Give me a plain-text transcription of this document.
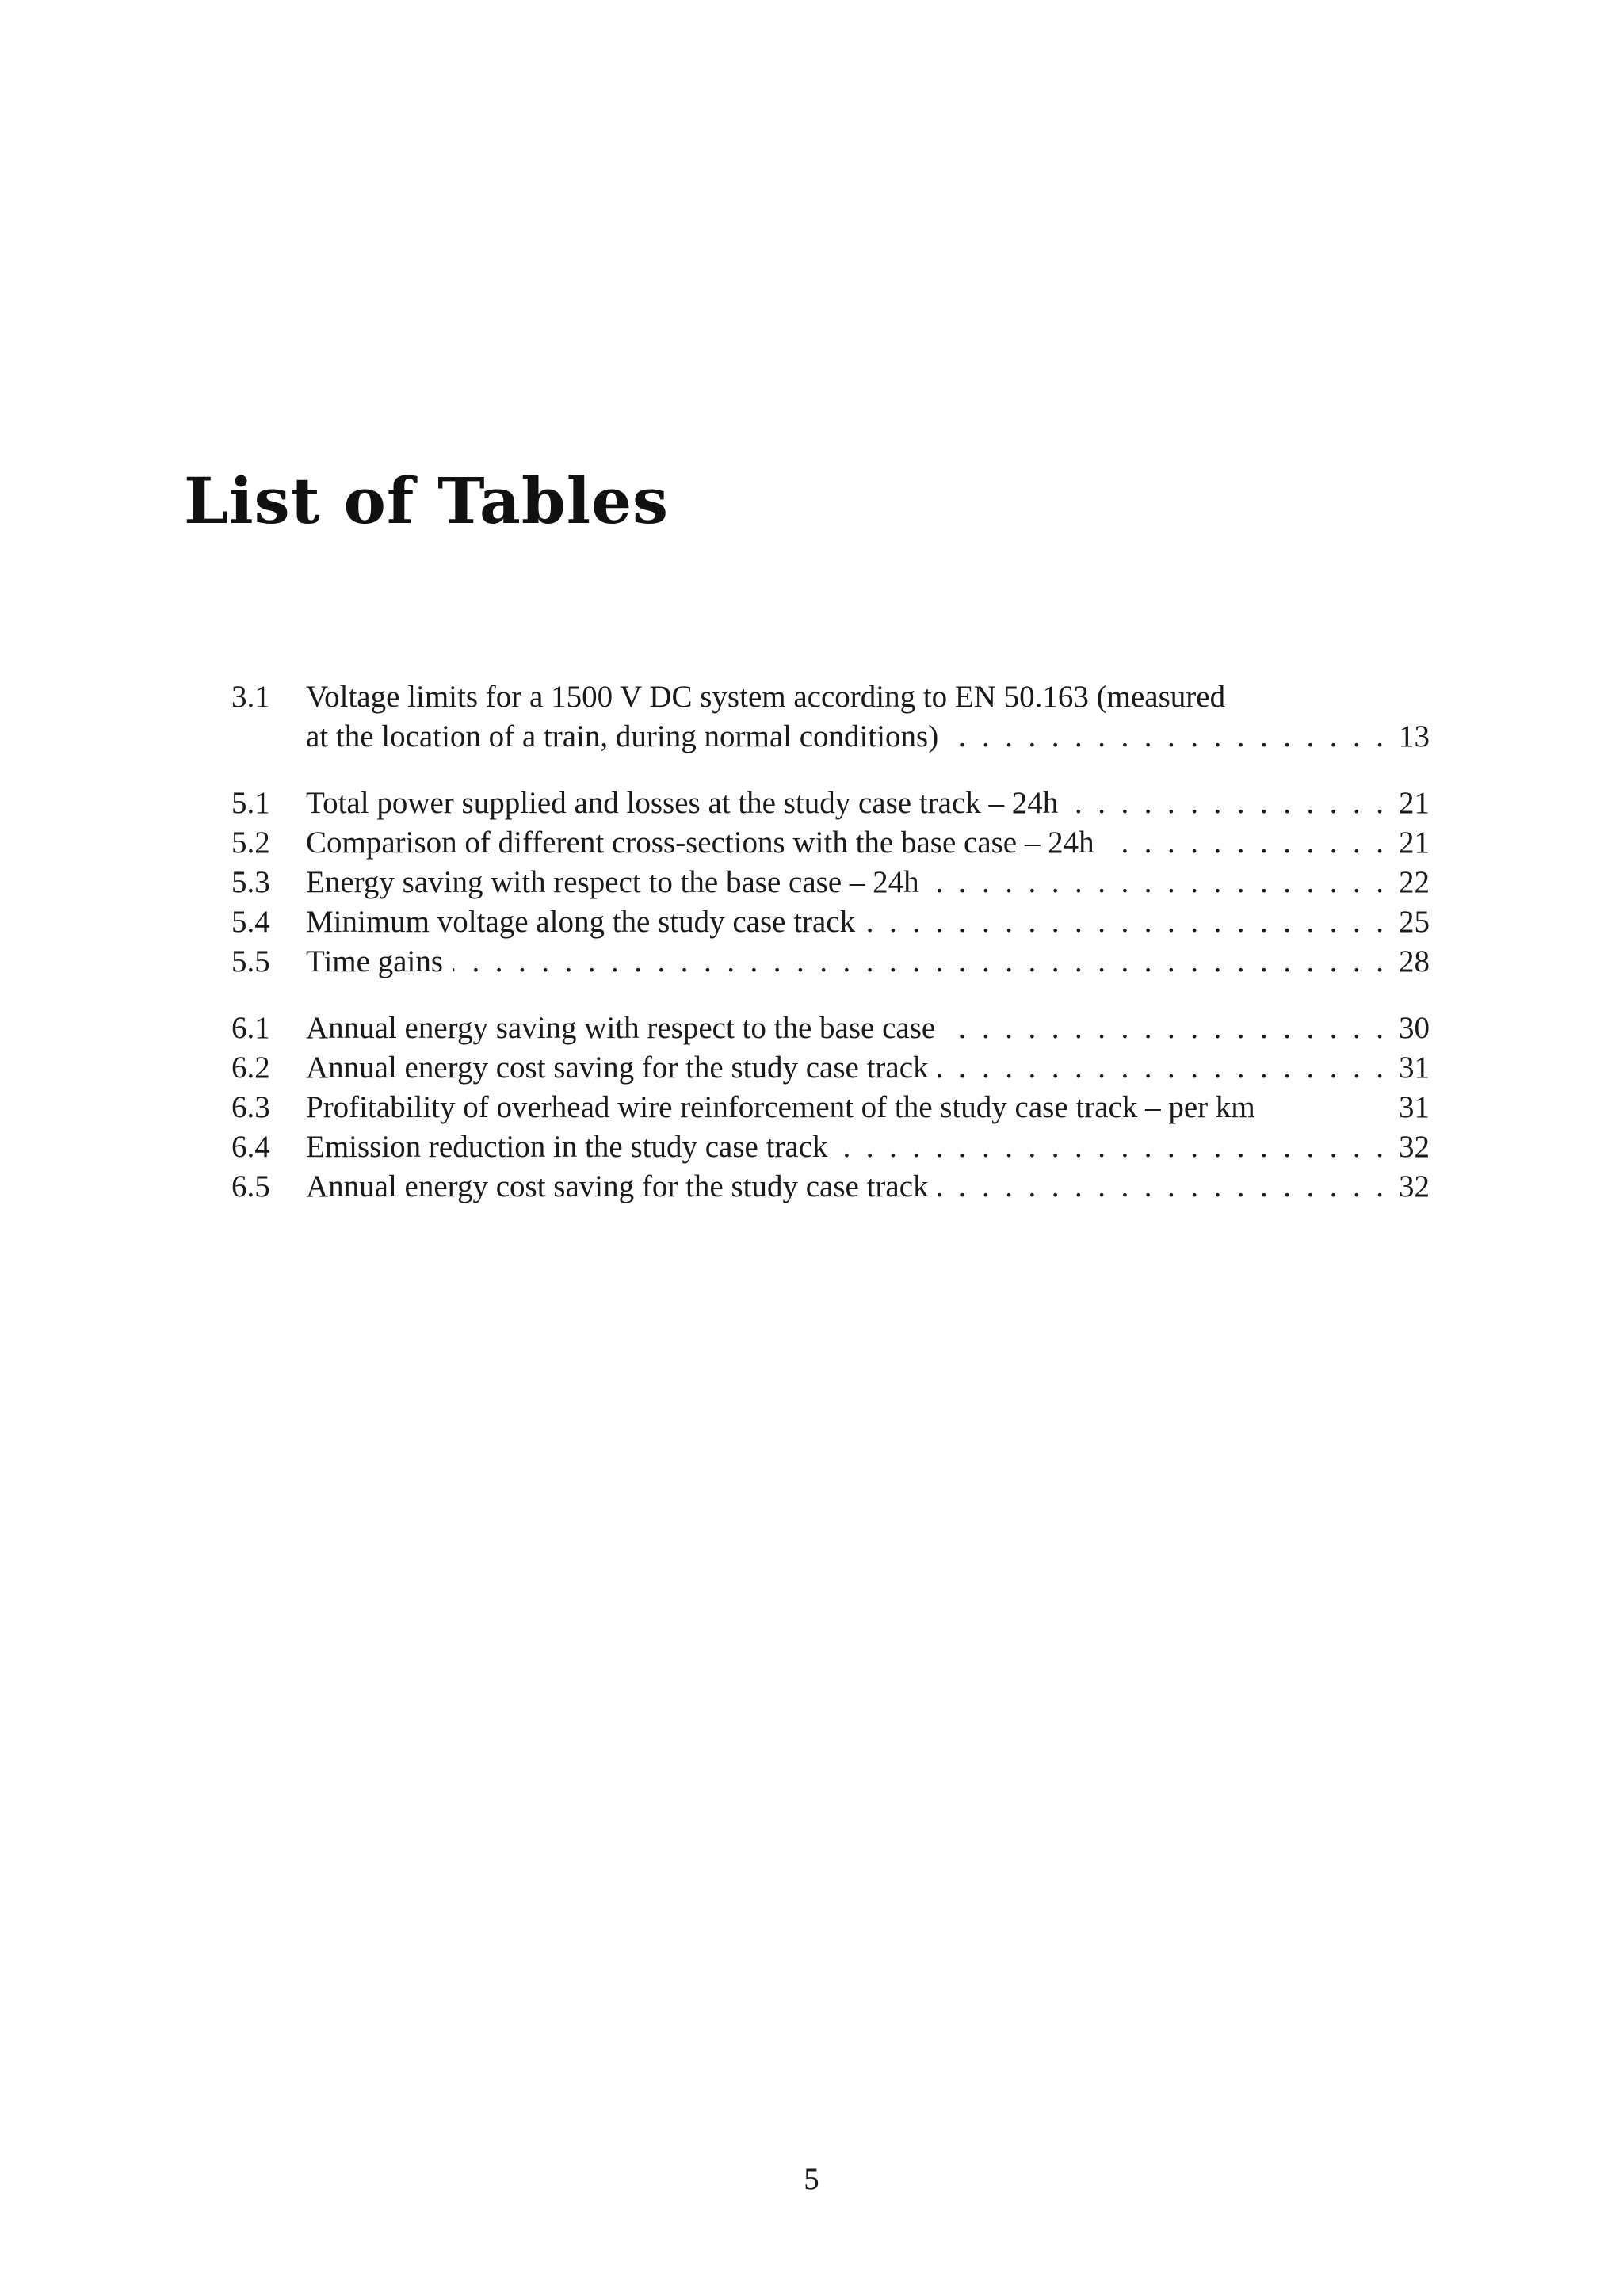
List of Tables
3.1	Voltage limits for a 1500 V DC system according to EN 50.163 (measured
at the location of a train, during normal conditions) . .	13
5.1	Total power supplied and losses at the study case track – 24h . .	21
5.2	Comparison of different cross-sections with the base case – 24h . .	21
5.3	Energy saving with respect to the base case – 24h . .	22
5.4	Minimum voltage along the study case track . .	25
5.5	Time gains . .	28
6.1	Annual energy saving with respect to the base case . .	30
6.2	Annual energy cost saving for the study case track . .	31
6.3	Profitability of overhead wire reinforcement of the study case track – per km	31
6.4	Emission reduction in the study case track . .	32
6.5	Annual energy cost saving for the study case track . .	32
5
